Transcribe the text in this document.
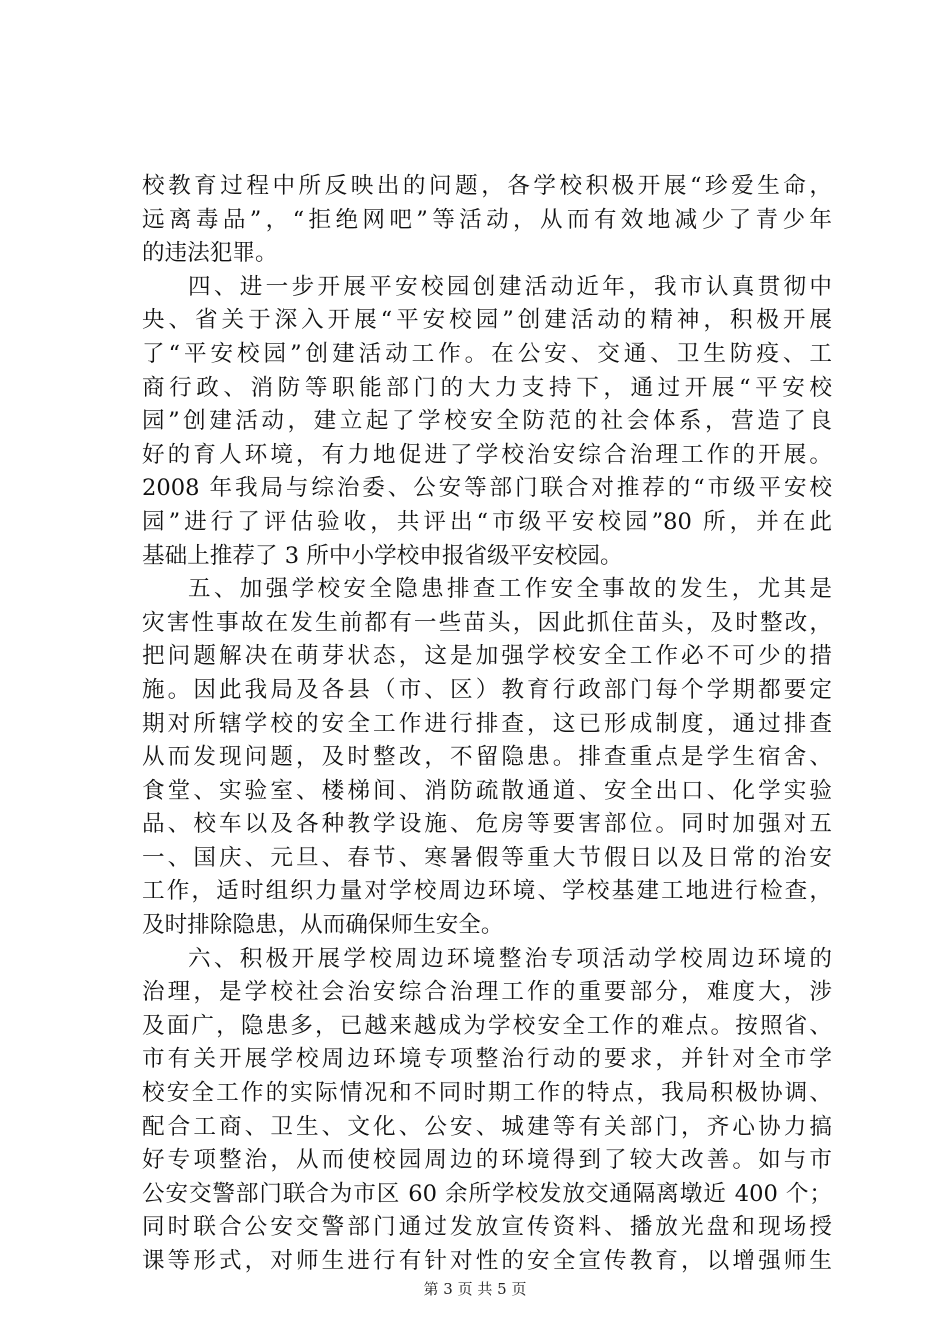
校教育过程中所反映出的问题，各学校积极开展“珍爱生命，
远离毒品”，“拒绝网吧”等活动，从而有效地减少了青少年
的违法犯罪。
四、进一步开展平安校园创建活动近年，我市认真贯彻中
央、省关于深入开展“平安校园”创建活动的精神，积极开展
了“平安校园”创建活动工作。在公安、交通、卫生防疫、工
商行政、消防等职能部门的大力支持下，通过开展“平安校
园”创建活动，建立起了学校安全防范的社会体系，营造了良
好的育人环境，有力地促进了学校治安综合治理工作的开展。
2008 年我局与综治委、公安等部门联合对推荐的“市级平安校
园”进行了评估验收，共评出“市级平安校园”80 所，并在此
基础上推荐了 3 所中小学校申报省级平安校园。
五、加强学校安全隐患排查工作安全事故的发生，尤其是
灾害性事故在发生前都有一些苗头，因此抓住苗头，及时整改，
把问题解决在萌芽状态，这是加强学校安全工作必不可少的措
施。因此我局及各县（市、区）教育行政部门每个学期都要定
期对所辖学校的安全工作进行排查，这已形成制度，通过排查
从而发现问题，及时整改，不留隐患。排查重点是学生宿舍、
食堂、实验室、楼梯间、消防疏散通道、安全出口、化学实验
品、校车以及各种教学设施、危房等要害部位。同时加强对五
一、国庆、元旦、春节、寒暑假等重大节假日以及日常的治安
工作，适时组织力量对学校周边环境、学校基建工地进行检查，
及时排除隐患，从而确保师生安全。
六、积极开展学校周边环境整治专项活动学校周边环境的
治理，是学校社会治安综合治理工作的重要部分，难度大，涉
及面广，隐患多，已越来越成为学校安全工作的难点。按照省、
市有关开展学校周边环境专项整治行动的要求，并针对全市学
校安全工作的实际情况和不同时期工作的特点，我局积极协调、
配合工商、卫生、文化、公安、城建等有关部门，齐心协力搞
好专项整治，从而使校园周边的环境得到了较大改善。如与市
公安交警部门联合为市区 60 余所学校发放交通隔离墩近 400 个；
同时联合公安交警部门通过发放宣传资料、播放光盘和现场授
课等形式，对师生进行有针对性的安全宣传教育，以增强师生
第 3 页 共 5 页
